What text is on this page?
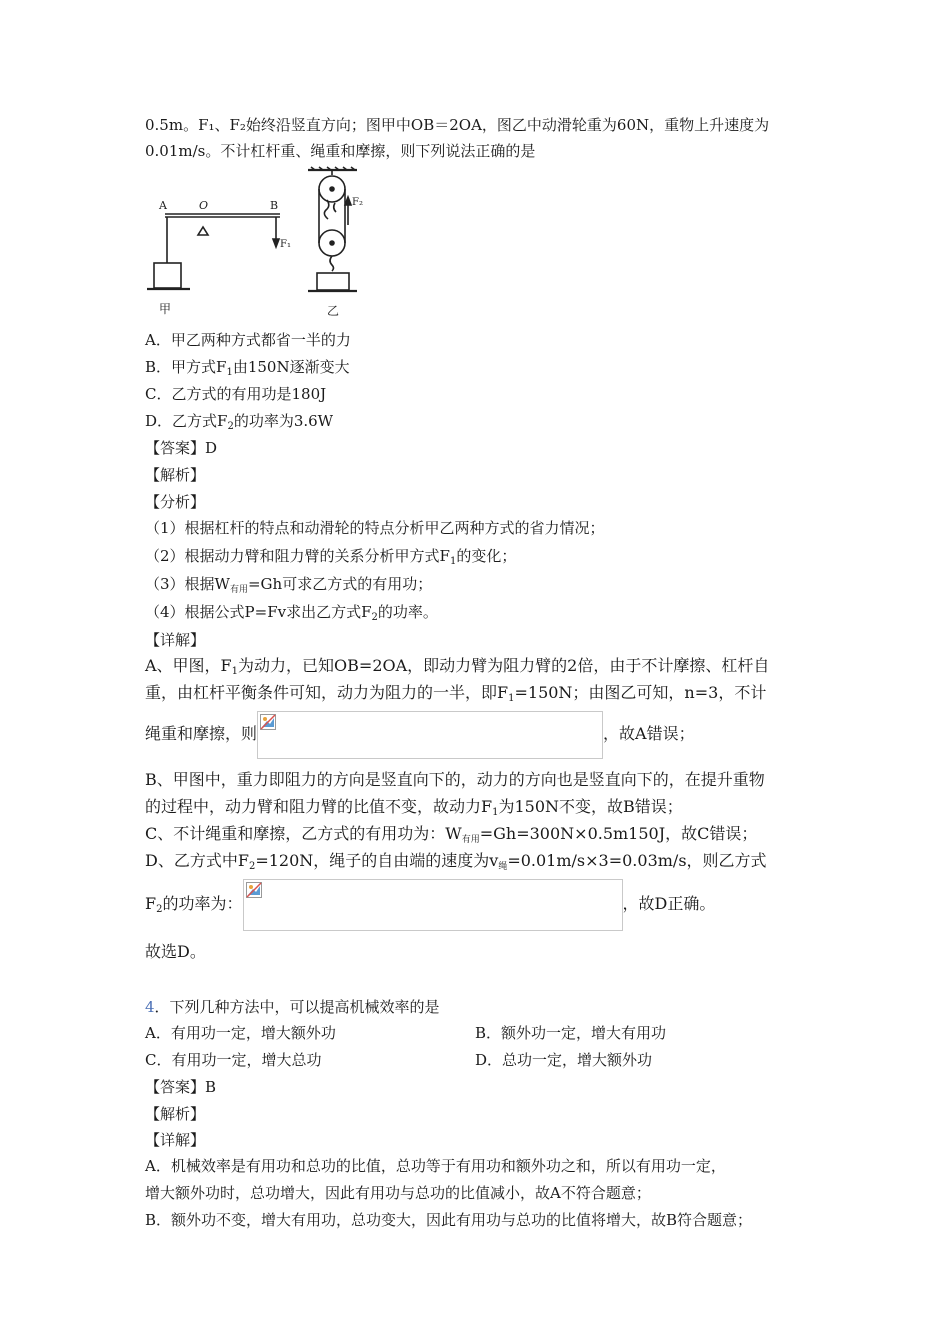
0.5m。F₁、F₂始终沿竖直方向；图甲中OB＝2OA，图乙中动滑轮重为60N，重物上升速度为
0.01m/s。不计杠杆重、绳重和摩擦，则下列说法正确的是
A	O	B
F₁
F₂
甲	乙
A．甲乙两种方式都省一半的力
B．甲方式$F_1$由150N逐渐变大
C．乙方式的有用功是180J
D．乙方式$F_2$的功率为3.6W
【答案】D
【解析】
【分析】
（1）根据杠杆的特点和动滑轮的特点分析甲乙两种方式的省力情况；
（2）根据动力臂和阻力臂的关系分析甲方式$F_1$的变化；
（3）根据$W_{有用}=Gh$可求乙方式的有用功；
（4）根据公式P=Fv求出乙方式$F_2$的功率。
【详解】
A、甲图，$F_1$为动力，已知OB=2OA，即动力臂为阻力臂的2倍，由于不计摩擦、杠杆自
重，由杠杆平衡条件可知，动力为阻力的一半，即$F_1=150N$；由图乙可知，n=3，不计
绳重和摩擦，则	，故A错误；
B、甲图中，重力即阻力的方向是竖直向下的，动力的方向也是竖直向下的，在提升重物
的过程中，动力臂和阻力臂的比值不变，故动力$F_1$为150N不变，故B错误；
C、不计绳重和摩擦，乙方式的有用功为：W有用=Gh=300N×0.5m150J，故C错误；
D、乙方式中$F_2=120N$，绳子的自由端的速度为v绳=0.01m/s×3=0.03m/s，则乙方式
$F_2$的功率为：	，故D正确。
故选D。
4．下列几种方法中，可以提高机械效率的是
A．有用功一定，增大额外功	B．额外功一定，增大有用功
C．有用功一定，增大总功	D．总功一定，增大额外功
【答案】B
【解析】
【详解】
A．机械效率是有用功和总功的比值，总功等于有用功和额外功之和，所以有用功一定，
增大额外功时，总功增大，因此有用功与总功的比值减小，故A不符合题意；
B．额外功不变，增大有用功，总功变大，因此有用功与总功的比值将增大，故B符合题意；
